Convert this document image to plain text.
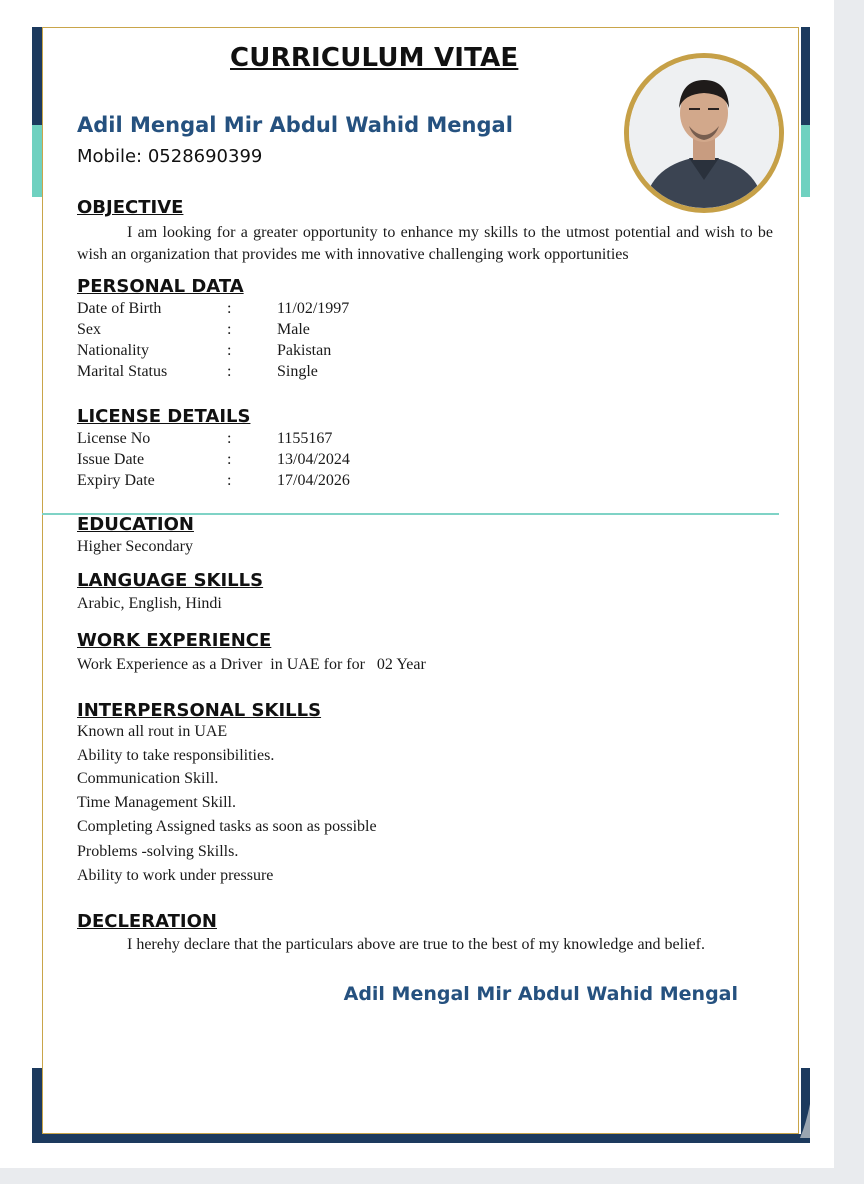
CURRICULUM VITAE
Adil Mengal Mir Abdul Wahid Mengal
Mobile: 0528690399
OBJECTIVE
I am looking for a greater opportunity to enhance my skills to the utmost potential and wish to be wish an organization that provides me with innovative challenging work opportunities
PERSONAL DATA
Date of Birth	:	11/02/1997
Sex	:	Male
Nationality	:	Pakistan
Marital Status	:	Single
LICENSE DETAILS
License No	:	1155167
Issue Date	:	13/04/2024
Expiry Date	:	17/04/2026
EDUCATION
Higher Secondary
LANGUAGE SKILLS
Arabic, English, Hindi
WORK EXPERIENCE
Work Experience as a Driver  in UAE for for   02 Year
INTERPERSONAL SKILLS
Known all rout in UAE
Ability to take responsibilities.
Communication Skill.
Time Management Skill.
Completing Assigned tasks as soon as possible
Problems -solving Skills.
Ability to work under pressure
DECLERATION
I herehy declare that the particulars above are true to the best of my knowledge and belief.
Adil Mengal Mir Abdul Wahid Mengal
